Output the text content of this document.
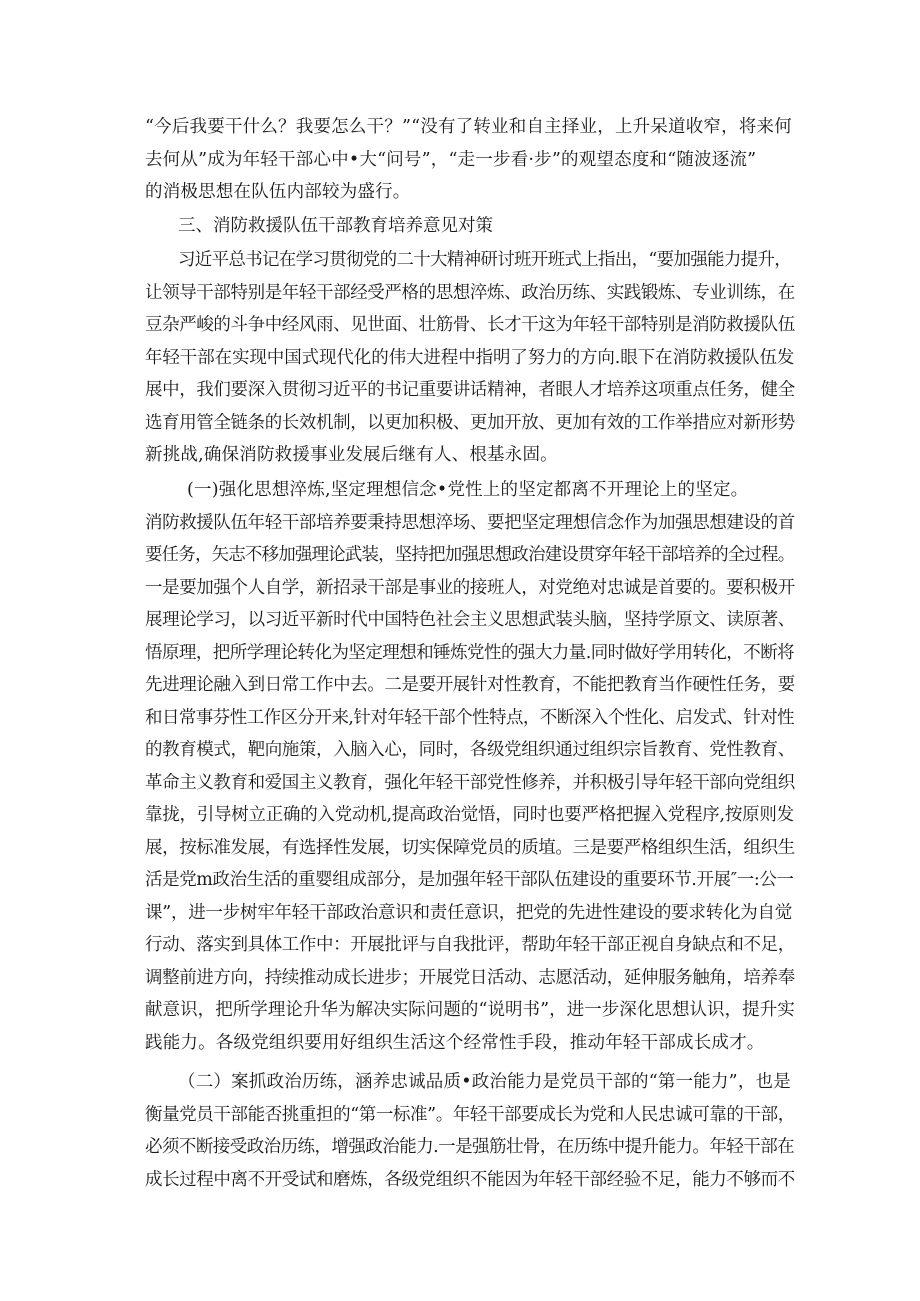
“今后我要干什么？我要怎么干？”“没有了转业和自主择业，上升呆道收窄，将来何
去何从”成为年轻干部心中•大“问号”，“走一步看·步”的观望态度和“随波逐流”
的消极思想在队伍内部较为盛行。
三、消防救援队伍干部教育培养意见对策
习近平总书记在学习贯彻党的二十大精神研讨班开班式上指出，“要加强能力提升，
让领导干部特别是年轻干部经受严格的思想淬炼、政治历练、实践锻炼、专业训练，在
豆杂严峻的斗争中经风雨、见世面、壮筋骨、长才干这为年轻干部特别是消防救援队伍
年轻干部在实现中国式现代化的伟大进程中指明了努力的方向.眼下在消防救援队伍发
展中，我们要深入贯彻习近平的书记重要讲话精神，者眼人才培养这项重点任务，健全
选育用管全链条的长效机制，以更加积极、更加开放、更加有效的工作举措应对新形势
新挑战,确保消防救援事业发展后继有人、根基永固。
(一)强化思想淬炼,坚定理想信念•党性上的坚定都离不开理论上的坚定。
消防救援队伍年轻干部培养要秉持思想淬场、要把坚定理想信念作为加强思想建设的首
要任务，矢志不移加强理论武装，坚持把加强思想政治建设贯穿年轻干部培养的全过程。
一是要加强个人自学，新招录干部是事业的接班人，对党绝对忠诚是首要的。要积极开
展理论学习，以习近平新时代中国特色社会主义思想武装头脑，坚持学原文、读原著、
悟原理，把所学理论转化为坚定理想和锤炼党性的强大力量.同时做好学用转化，不断将
先进理论融入到日常工作中去。二是要开展针对性教育，不能把教育当作硬性任务，要
和日常事芬性工作区分开来,针对年轻干部个性特点，不断深入个性化、启发式、针对性
的教育模式，靶向施策，入脑入心，同时，各级党组织通过组织宗旨教育、党性教育、
革命主义教育和爱国主义教育，强化年轻干部党性修养，并积极引导年轻干部向党组织
靠拢，引导树立正确的入党动机,提高政治觉悟，同时也要严格把握入党程序,按原则发
展，按标准发展，有选择性发展，切实保障党员的质埴。三是要严格组织生活，组织生
活是党m政治生活的重婴组成部分，是加强年轻干部队伍建设的重要环节.开展″一:公一
课”，进一步树牢年轻干部政治意识和责任意识，把党的先进性建设的要求转化为自觉
行动、落实到具体工作中：开展批评与自我批评，帮助年轻干部正视自身缺点和不足，
调整前进方向，持续推动成长进步；开展党日活动、志愿活动，延伸服务触角，培养奉
献意识，把所学理论升华为解决实际问题的“说明书”，进一步深化思想认识，提升实
践能力。各级党组织要用好组织生活这个经常性手段，推动年轻干部成长成才。
（二）案抓政治历练，涵养忠诚品质•政治能力是党员干部的“第一能力”，也是
衡量党员干部能否挑重担的“第一标准”。年轻干部要成长为党和人民忠诚可靠的干部，
必须不断接受政治历练，增强政治能力.一是强筋壮骨，在历练中提升能力。年轻干部在
成长过程中离不开受试和磨炼，各级党组织不能因为年轻干部经验不足，能力不够而不
